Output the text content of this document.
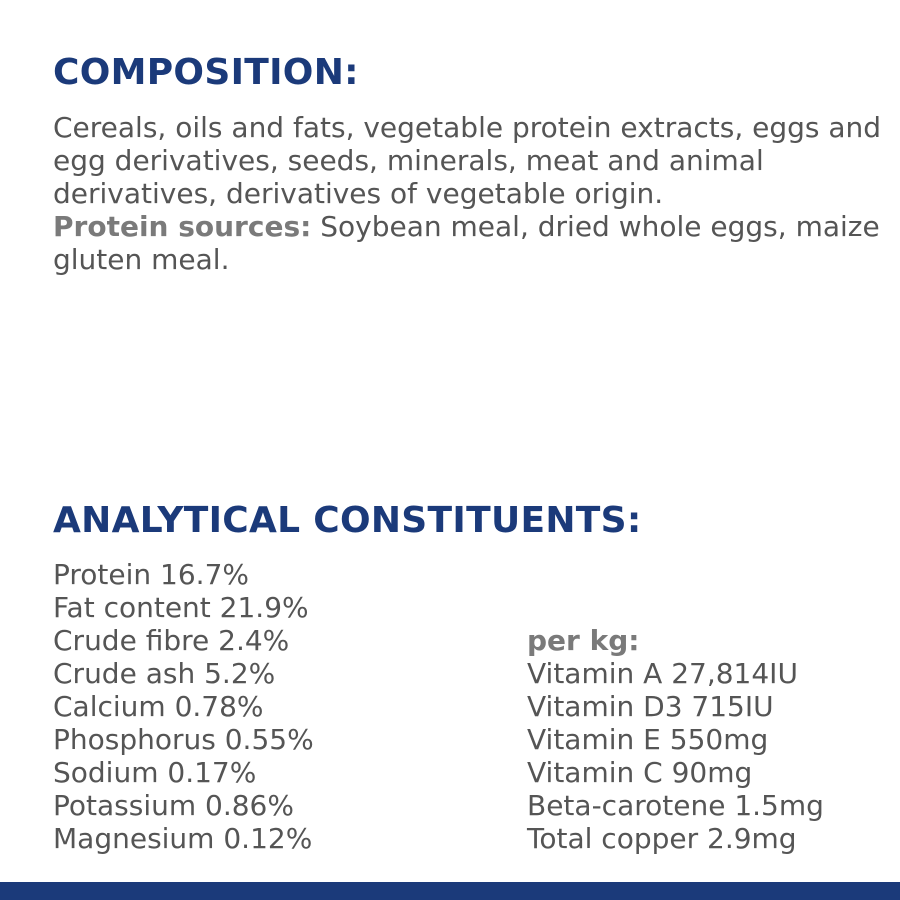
COMPOSITION:

Cereals, oils and fats, vegetable protein extracts, eggs and egg derivatives, seeds, minerals, meat and animal derivatives, derivatives of vegetable origin.
Protein sources: Soybean meal, dried whole eggs, maize gluten meal.

ANALYTICAL CONSTITUENTS:
Protein 16.7%
Fat content 21.9%
Crude fibre 2.4%
Crude ash 5.2%
Calcium 0.78%
Phosphorus 0.55%
Sodium 0.17%
Potassium 0.86%
Magnesium 0.12%
per kg:
Vitamin A 27,814IU
Vitamin D3 715IU
Vitamin E 550mg
Vitamin C 90mg
Beta-carotene 1.5mg
Total copper 2.9mg
